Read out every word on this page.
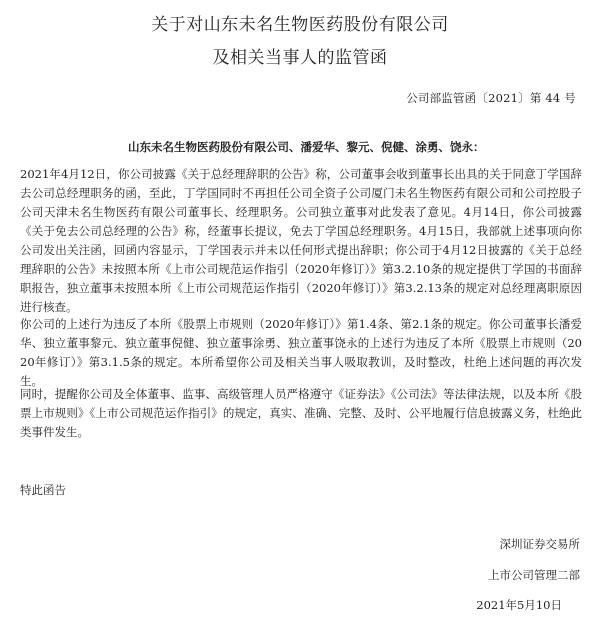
关于对山东未名生物医药股份有限公司
及相关当事人的监管函
公司部监管函〔2021〕第 44 号
山东未名生物医药股份有限公司、潘爱华、黎元、倪健、涂勇、饶永：
2021年4月12日，你公司披露《关于总经理辞职的公告》称，公司董事会收到董事长出具的关于同意丁学国辞去公司总经理职务的函，至此，丁学国同时不再担任公司全资子公司厦门未名生物医药有限公司和公司控股子公司天津未名生物医药有限公司董事长、经理职务。公司独立董事对此发表了意见。4月14日，你公司披露《关于免去公司总经理的公告》称，经董事长提议，免去丁学国总经理职务。4月15日，我部就上述事项向你公司发出关注函，回函内容显示，丁学国表示并未以任何形式提出辞职；你公司于4月12日披露的《关于总经理辞职的公告》未按照本所《上市公司规范运作指引（2020年修订）》第3.2.10条的规定提供丁学国的书面辞职报告，独立董事未按照本所《上市公司规范运作指引（2020年修订）》第3.2.13条的规定对总经理离职原因进行核查。
你公司的上述行为违反了本所《股票上市规则（2020年修订）》第1.4条、第2.1条的规定。你公司董事长潘爱华、独立董事黎元、独立董事倪健、独立董事涂勇、独立董事饶永的上述行为违反了本所《股票上市规则（2020年修订）》第3.1.5条的规定。本所希望你公司及相关当事人吸取教训，及时整改，杜绝上述问题的再次发生。
同时，提醒你公司及全体董事、监事、高级管理人员严格遵守《证券法》《公司法》等法律法规，以及本所《股票上市规则》《上市公司规范运作指引》的规定，真实、准确、完整、及时、公平地履行信息披露义务，杜绝此类事件发生。
特此函告
深圳证券交易所
上市公司管理二部
2021年5月10日
